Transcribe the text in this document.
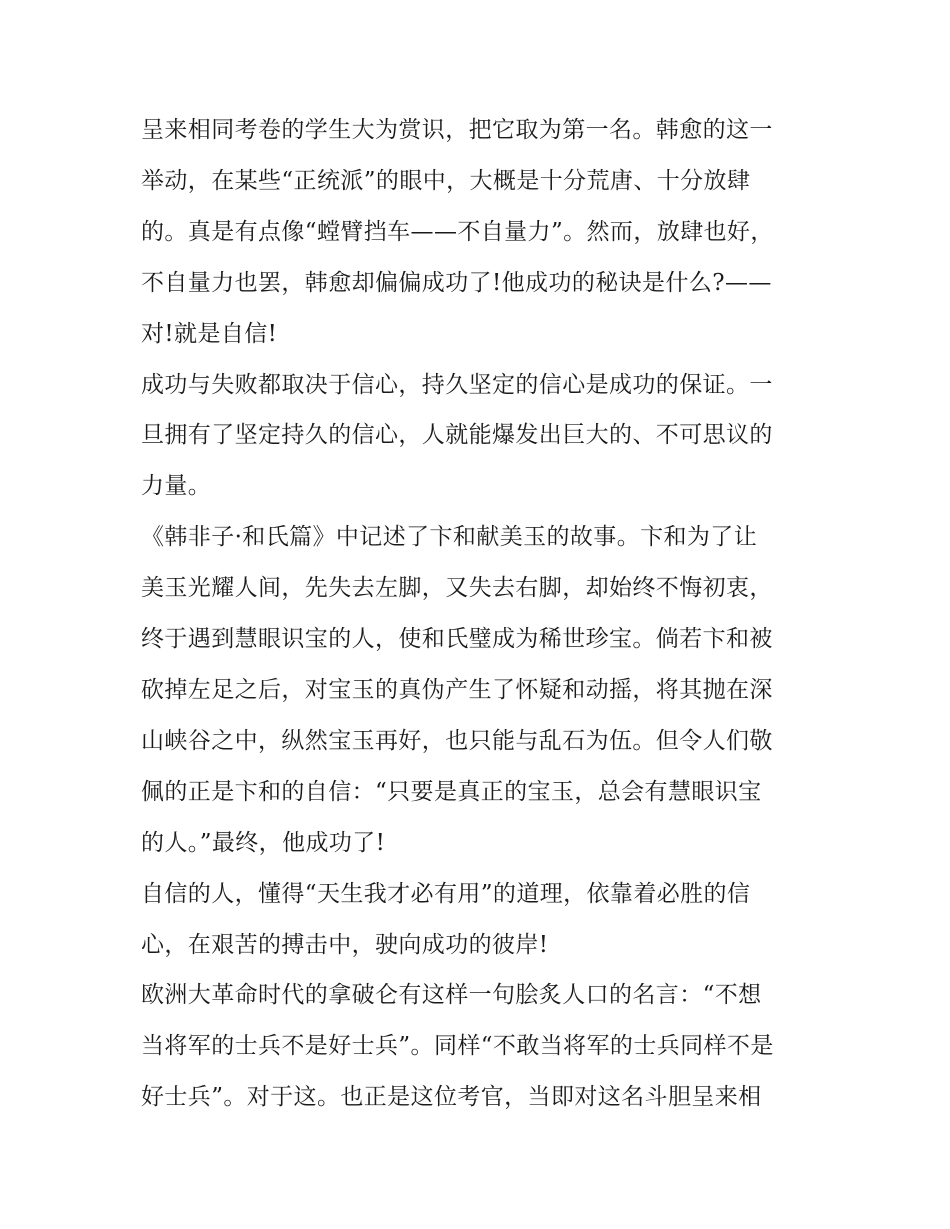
呈来相同考卷的学生大为赏识，把它取为第一名。韩愈的这一
举动，在某些“正统派”的眼中，大概是十分荒唐、十分放肆
的。真是有点像“螳臂挡车——不自量力”。然而，放肆也好，
不自量力也罢，韩愈却偏偏成功了!他成功的秘诀是什么?——
对!就是自信!

成功与失败都取决于信心，持久坚定的信心是成功的保证。一
旦拥有了坚定持久的信心，人就能爆发出巨大的、不可思议的
力量。

《韩非子·和氏篇》中记述了卞和献美玉的故事。卞和为了让
美玉光耀人间，先失去左脚，又失去右脚，却始终不悔初衷，
终于遇到慧眼识宝的人，使和氏璧成为稀世珍宝。倘若卞和被
砍掉左足之后，对宝玉的真伪产生了怀疑和动摇，将其抛在深
山峡谷之中，纵然宝玉再好，也只能与乱石为伍。但令人们敬
佩的正是卞和的自信：“只要是真正的宝玉，总会有慧眼识宝
的人。”最终，他成功了!

自信的人，懂得“天生我才必有用”的道理，依靠着必胜的信
心，在艰苦的搏击中，驶向成功的彼岸!

欧洲大革命时代的拿破仑有这样一句脍炙人口的名言：“不想
当将军的士兵不是好士兵”。同样“不敢当将军的士兵同样不是
好士兵”。对于这。也正是这位考官，当即对这名斗胆呈来相
